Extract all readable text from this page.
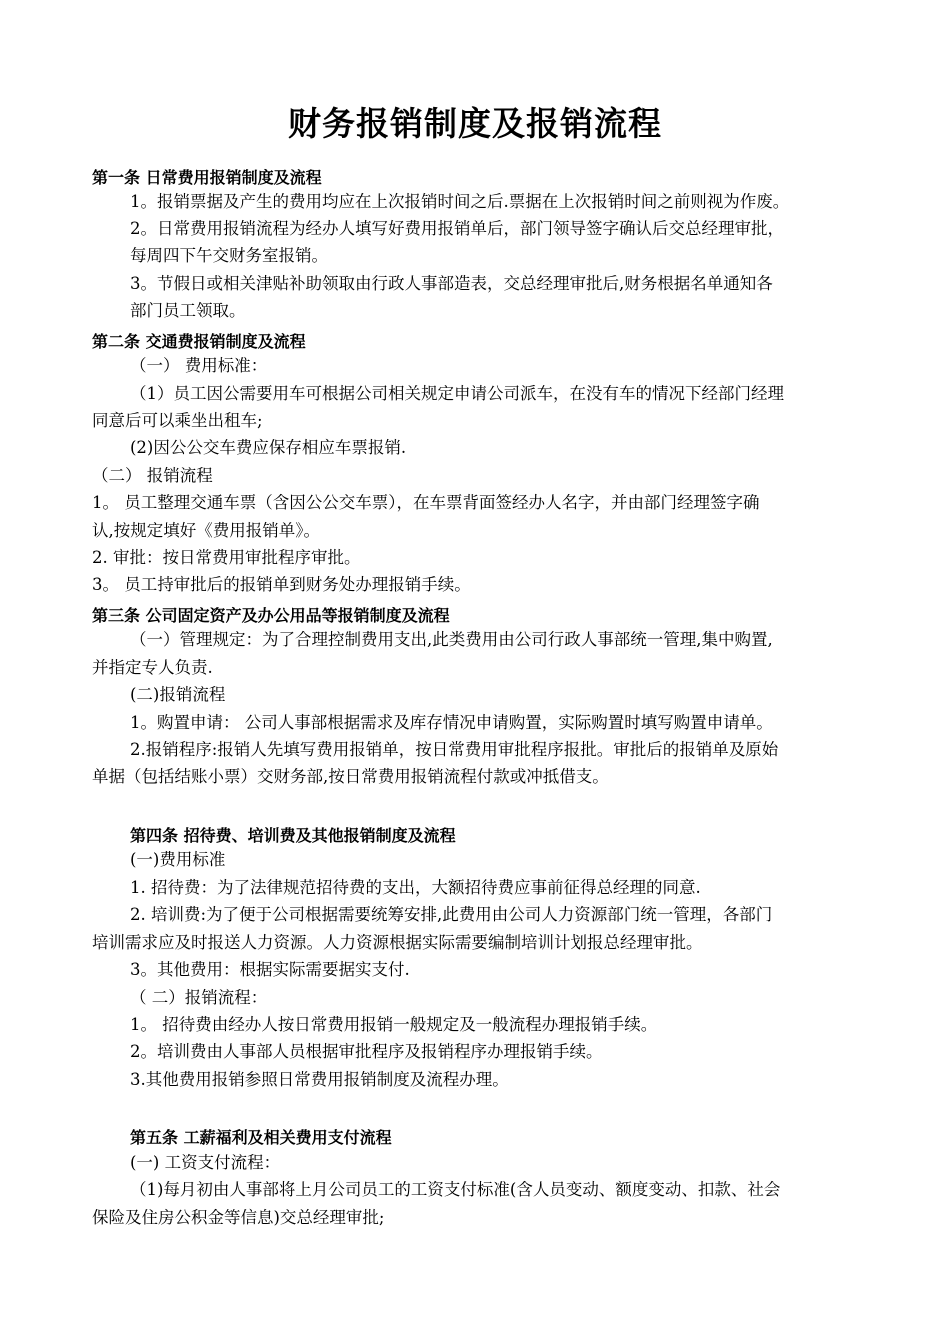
财务报销制度及报销流程
第一条 日常费用报销制度及流程
1。报销票据及产生的费用均应在上次报销时间之后.票据在上次报销时间之前则视为作废。
2。日常费用报销流程为经办人填写好费用报销单后，部门领导签字确认后交总经理审批，
每周四下午交财务室报销。
3。节假日或相关津贴补助领取由行政人事部造表，交总经理审批后,财务根据名单通知各
部门员工领取。
第二条 交通费报销制度及流程
（一） 费用标准：
（1）员工因公需要用车可根据公司相关规定申请公司派车，在没有车的情况下经部门经理
同意后可以乘坐出租车;
(2)因公公交车费应保存相应车票报销.
（二） 报销流程
1。 员工整理交通车票（含因公公交车票），在车票背面签经办人名字，并由部门经理签字确
认,按规定填好《费用报销单》。
2. 审批：按日常费用审批程序审批。
3。 员工持审批后的报销单到财务处办理报销手续。
第三条 公司固定资产及办公用品等报销制度及流程
（一）管理规定：为了合理控制费用支出,此类费用由公司行政人事部统一管理,集中购置,
并指定专人负责.
(二)报销流程
1。购置申请： 公司人事部根据需求及库存情况申请购置，实际购置时填写购置申请单。
2.报销程序:报销人先填写费用报销单，按日常费用审批程序报批。审批后的报销单及原始
单据（包括结账小票）交财务部,按日常费用报销流程付款或冲抵借支。
第四条 招待费、培训费及其他报销制度及流程
(一)费用标准
1. 招待费：为了法律规范招待费的支出，大额招待费应事前征得总经理的同意.
2. 培训费:为了便于公司根据需要统筹安排,此费用由公司人力资源部门统一管理，各部门
培训需求应及时报送人力资源。人力资源根据实际需要编制培训计划报总经理审批。
3。其他费用：根据实际需要据实支付.
（ 二）报销流程：
1。 招待费由经办人按日常费用报销一般规定及一般流程办理报销手续。
2。培训费由人事部人员根据审批程序及报销程序办理报销手续。
3.其他费用报销参照日常费用报销制度及流程办理。
第五条 工薪福利及相关费用支付流程
(一) 工资支付流程：
（1)每月初由人事部将上月公司员工的工资支付标准(含人员变动、额度变动、扣款、社会
保险及住房公积金等信息)交总经理审批;
